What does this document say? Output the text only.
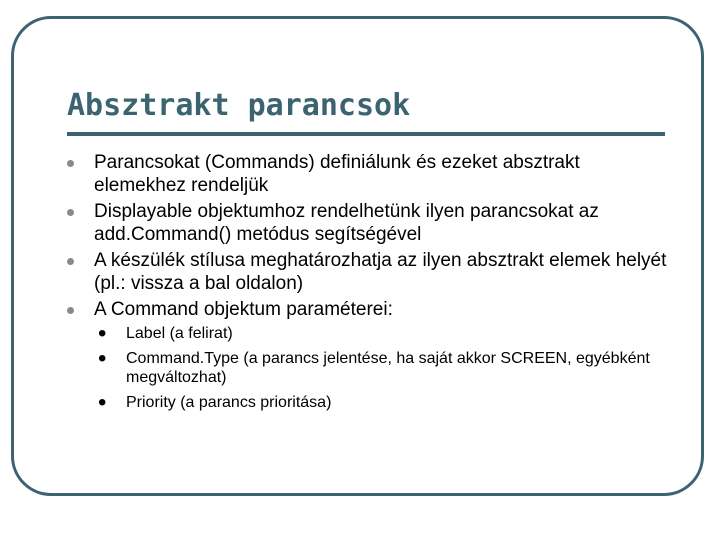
Absztrakt parancsok
Parancsokat (Commands) definiálunk és ezeket absztrakt elemekhez rendeljük
Displayable objektumhoz rendelhetünk ilyen parancsokat az add.Command() metódus segítségével
A készülék stílusa meghatározhatja az ilyen absztrakt elemek helyét (pl.: vissza a bal oldalon)
A Command objektum paraméterei:
• Label (a felirat)
• Command.Type (a parancs jelentése, ha saját akkor SCREEN, egyébként megváltozhat)
• Priority (a parancs prioritása)
